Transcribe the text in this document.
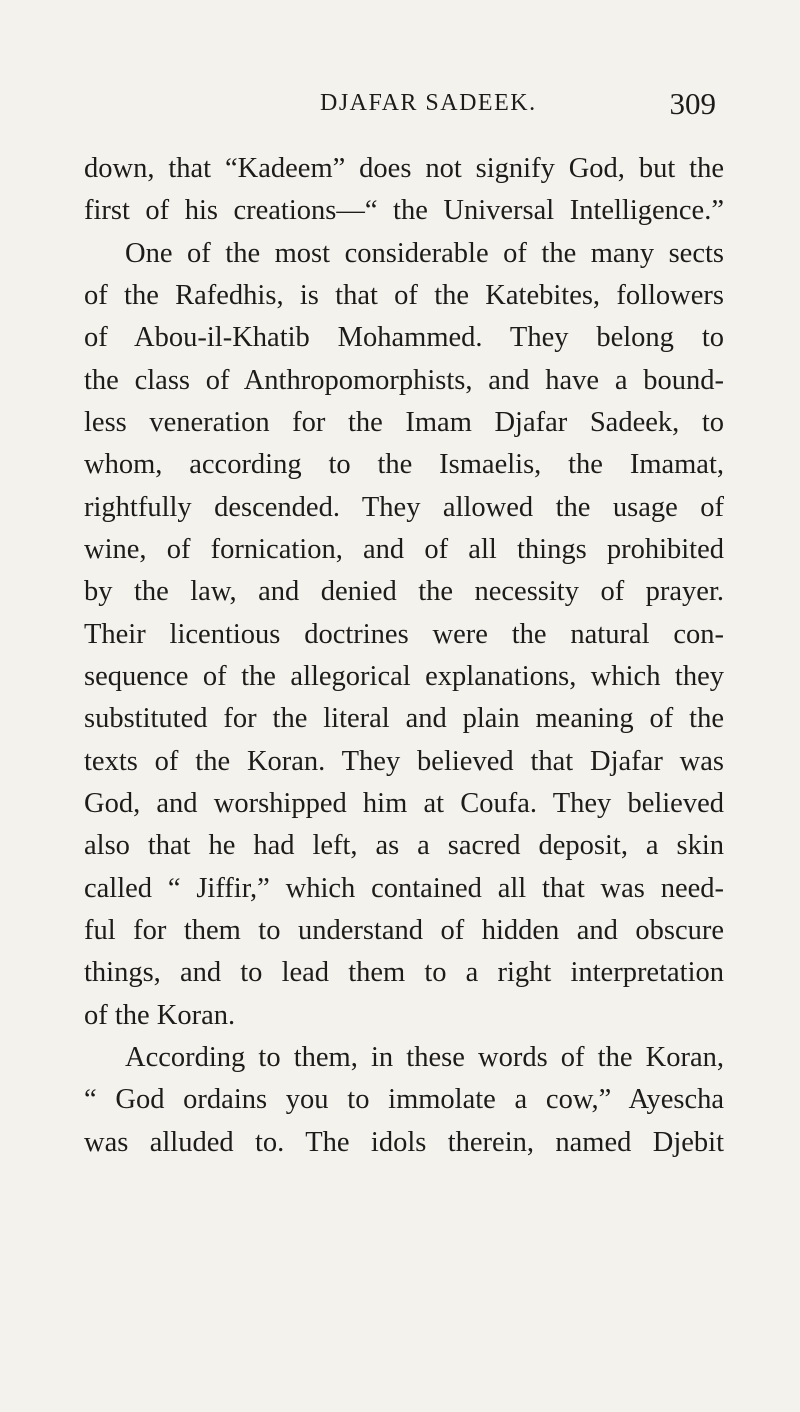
DJAFAR SADEEK.	309
down, that “Kadeem” does not signify God, but the
first of his creations—“ the Universal Intelligence.”
One of the most considerable of the many sects
of the Rafedhis, is that of the Katebites, followers
of Abou-il-Khatib Mohammed. They belong to
the class of Anthropomorphists, and have a bound-
less veneration for the Imam Djafar Sadeek, to
whom, according to the Ismaelis, the Imamat,
rightfully descended. They allowed the usage of
wine, of fornication, and of all things prohibited
by the law, and denied the necessity of prayer.
Their licentious doctrines were the natural con-
sequence of the allegorical explanations, which they
substituted for the literal and plain meaning of the
texts of the Koran. They believed that Djafar was
God, and worshipped him at Coufa. They believed
also that he had left, as a sacred deposit, a skin
called “ Jiffir,” which contained all that was need-
ful for them to understand of hidden and obscure
things, and to lead them to a right interpretation
of the Koran.
According to them, in these words of the Koran,
“ God ordains you to immolate a cow,” Ayescha
was alluded to. The idols therein, named Djebit
